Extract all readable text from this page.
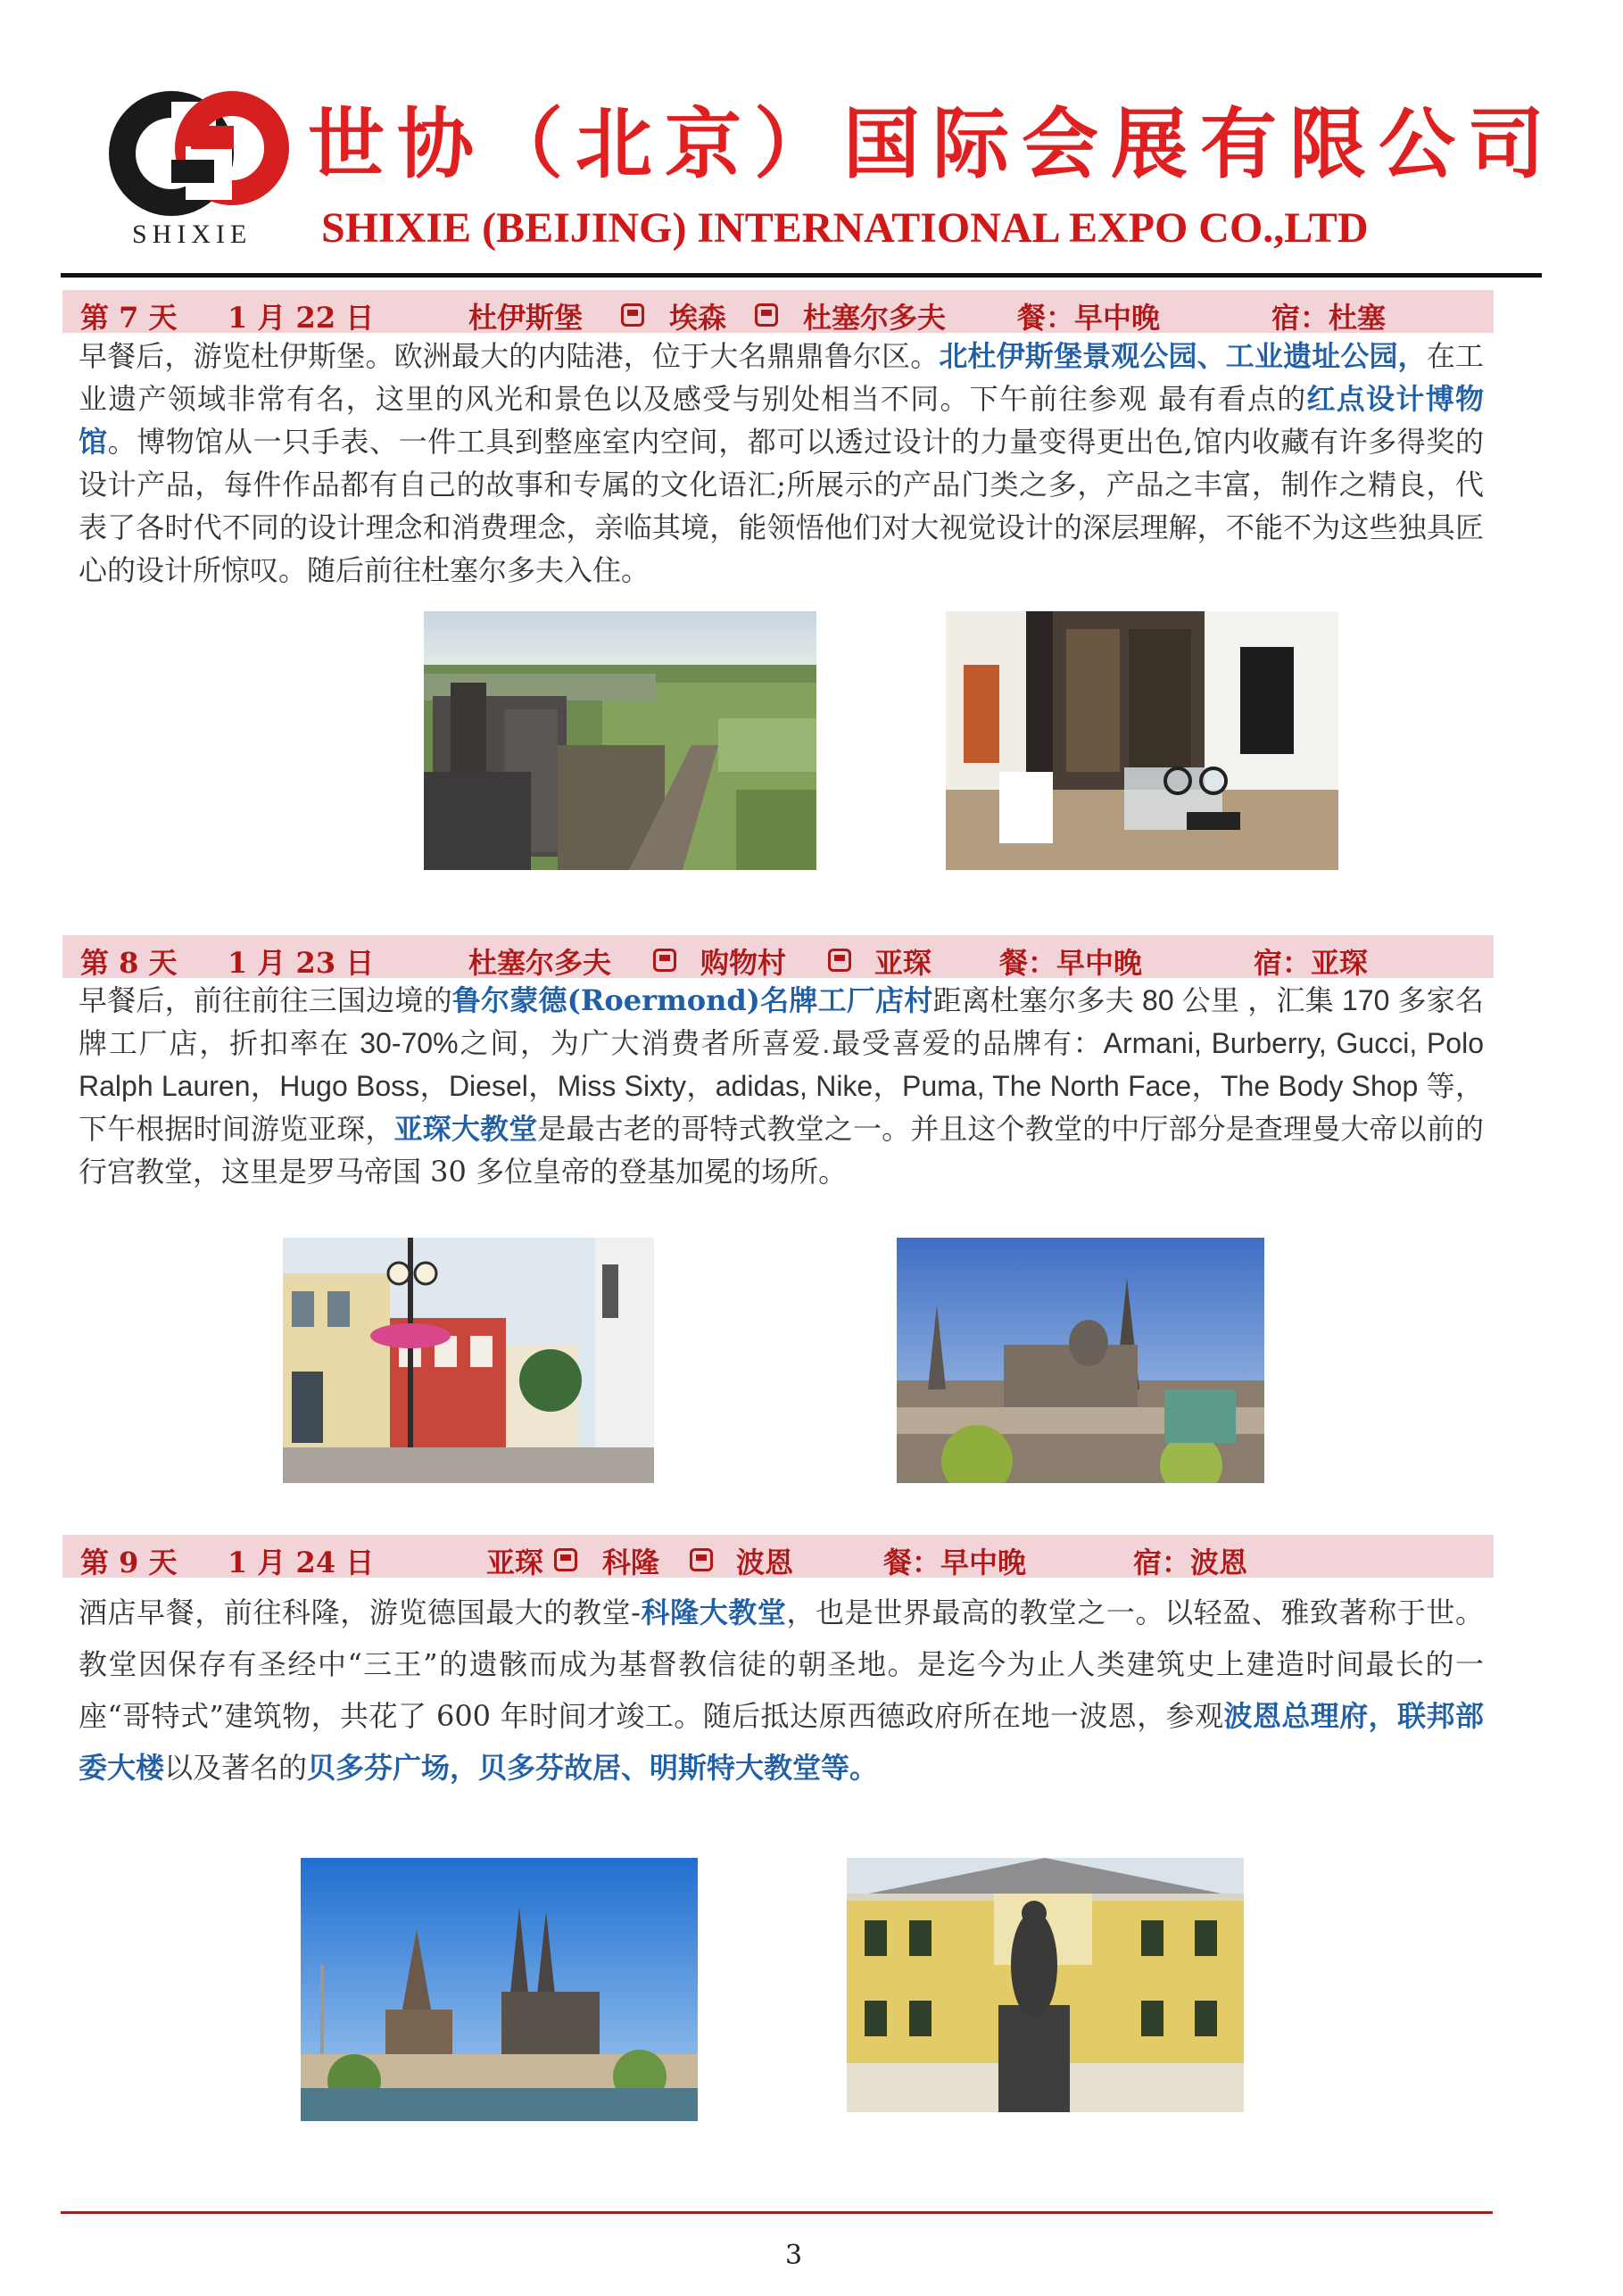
SHIXIE
世协（北京）国际会展有限公司
SHIXIE (BEIJING) INTERNATIONAL EXPO CO.,LTD
第 7 天 1 月 22 日	杜伊斯堡	埃森	杜塞尔多夫 餐：早中晚	宿：杜塞
早餐后，游览杜伊斯堡。欧洲最大的内陆港，位于大名鼎鼎鲁尔区。北杜伊斯堡景观公园、工业遗址公园，在工业遗产领域非常有名，这里的风光和景色以及感受与别处相当不同。下午前往参观 最有看点的红点设计博物馆。博物馆从一只手表、一件工具到整座室内空间，都可以透过设计的力量变得更出色,馆内收藏有许多得奖的设计产品，每件作品都有自己的故事和专属的文化语汇;所展示的产品门类之多，产品之丰富，制作之精良，代表了各时代不同的设计理念和消费理念，亲临其境，能领悟他们对大视觉设计的深层理解，不能不为这些独具匠心的设计所惊叹。随后前往杜塞尔多夫入住。
第 8 天 1 月 23 日	杜塞尔多夫	购物村	亚琛 餐：早中晚	宿：亚琛
早餐后，前往前往三国边境的鲁尔蒙德(Roermond)名牌工厂店村距离杜塞尔多夫 80 公里 ，汇集 170 多家名牌工厂店，折扣率在 30-70%之间，为广大消费者所喜爱.最受喜爱的品牌有：Armani, Burberry, Gucci, Polo Ralph Lauren，Hugo Boss，Diesel，Miss Sixty，adidas, Nike，Puma, The North Face，The Body Shop 等，下午根据时间游览亚琛，亚琛大教堂是最古老的哥特式教堂之一。并且这个教堂的中厅部分是查理曼大帝以前的行宫教堂，这里是罗马帝国 30 多位皇帝的登基加冕的场所。
第 9 天 1 月 24 日	亚琛 科隆	波恩	餐：早中晚	宿：波恩
酒店早餐，前往科隆，游览德国最大的教堂-科隆大教堂，也是世界最高的教堂之一。以轻盈、雅致著称于世。教堂因保存有圣经中“三王”的遗骸而成为基督教信徒的朝圣地。是迄今为止人类建筑史上建造时间最长的一座“哥特式”建筑物，共花了 600 年时间才竣工。随后抵达原西德政府所在地一波恩，参观波恩总理府，联邦部委大楼以及著名的贝多芬广场，贝多芬故居、明斯特大教堂等。
3
